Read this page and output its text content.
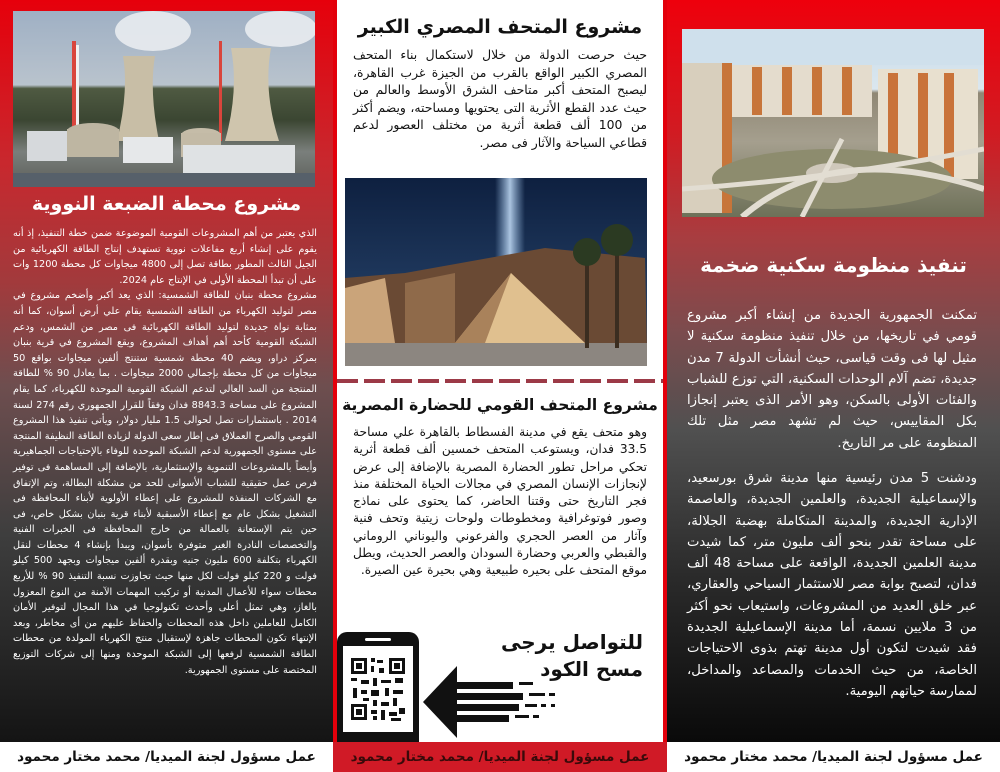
مشروع محطة الضبعة النووية
الذي يعتبر من أهم المشروعات القومية الموضوعة ضمن خطة التنفيذ، إذ أنه يقوم على إنشاء أربع مفاعلات نووية تستهدف إنتاج الطاقة الكهربائية من الجيل الثالث المطور بطاقة تصل إلى 4800 ميجاوات كل محطة 1200 وات على أن تبدأ المحطة الأولى في الإنتاج عام 2024.
مشروع محطة بنبان للطاقة الشمسية: الذي يعد أكبر وأضخم مشروع في مصر لتوليد الكهرباء من الطاقة الشمسية يقام علي أرض أسوان، كما أنه بمثابة نواة جديدة لتوليد الطاقة الكهربائية فى مصر من الشمس، ودعم الشبكة القومية كأحد أهم أهداف المشروع، ويقع المشروع في قرية بنبان بمركز دراو، ويضم 40 محطة شمسية ستنتج ألفين ميجاوات بواقع 50 ميجاوات من كل محطة بإجمالي 2000 ميجاوات . بما يعادل 90 % للطاقة المنتجة من السد العالي لتدعم الشبكة القومية الموحدة للكهرباء، كما يقام المشروع على مساحة 8843.3 فدان وفقاً للقرار الجمهوري رقم 274 لسنة 2014 . باستثمارات تصل لحوالى 1.5 مليار دولار، ويأتى تنفيذ هذا المشروع القومي والصرح العملاق فى إطار سعى الدولة لزيادة الطاقة النظيفة المنتجة على مستوى الجمهورية لدعم الشبكة الموحدة للوفاء بالإحتياجات الجماهيرية وأيضاً بالمشروعات التنموية والإستثمارية، بالإضافة إلى المساهمة فى توفير فرص عمل حقيقية للشباب الأسوانى للحد من مشكلة البطالة، وتم الإتفاق مع الشركات المنفذة للمشروع على إعطاء الأولوية لأبناء المحافظة فى التشغيل بشكل عام مع إعطاء الأسبقية لأبناء قرية بنبان بشكل خاص، فى حين يتم الإستعانة بالعمالة من خارج المحافظة فى الخبرات الفنية والتخصصات النادرة الغير متوفرة بأسوان، ويبدأ بإنشاء 4 محطات لنقل الكهرباء بتكلفة 600 مليون جنيه وبقدرة ألفين ميجاوات وبجهد 500 كيلو فولت و 220 كيلو فولت لكل منها حيث تجاوزت نسبة التنفيذ 90 % للأربع محطات سواء للأعمال المدنية أو تركيب المهمات الآمنة من النوع المعزول بالغاز، وهي تمثل أعلى وأحدث تكنولوجيا في هذا المجال لتوفير الأمان الكامل للعاملين داخل هذه المحطات والحفاظ عليهم من أى مخاطر، وبعد الإنتهاء تكون المحطات جاهزة لإستقبال منتج الكهرباء المولدة من محطات الطاقة الشمسية لرفعها إلى الشبكة الموحدة ومنها إلى شركات التوزيع المختصة على مستوى الجمهورية.
مشروع المتحف المصري الكبير
حيث حرصت الدولة من خلال لاستكمال بناء المتحف المصري الكبير الواقع بالقرب من الجيزة غرب القاهرة، ليصبح المتحف أكبر متاحف الشرق الأوسط والعالم من حيث عدد القطع الأثرية التى يحتويها ومساحته، ويضم أكثر من 100 ألف قطعة أثرية من مختلف العصور لدعم قطاعي السياحة والآثار فى مصر.
مشروع المتحف القومي للحضارة المصرية
وهو متحف يقع في مدينة الفسطاط بالقاهرة علي مساحة 33.5 فدان، ويستوعب المتحف خمسين ألف قطعة أثرية تحكي مراحل تطور الحضارة المصرية بالإضافة إلى عرض لإنجازات الإنسان المصري في مجالات الحياة المختلفة منذ فجر التاريخ حتى وقتنا الحاضر، كما يحتوى على نماذج وصور فوتوغرافية ومخطوطات ولوحات زيتية وتحف فنية وآثار من العصر الحجري والفرعوني واليوناني الروماني والقبطي والعربي وحضارة السودان والعصر الحديث، ويطل موقع المتحف على بحيره طبيعية وهي بحيرة عين الصيرة.
للتواصل يرجى
مسح الكود
تنفيذ منظومة سكنية ضخمة
تمكنت الجمهورية الجديدة من إنشاء أكبر مشروع قومي في تاريخها، من خلال تنفيذ منظومة سكنية لا مثيل لها فى وقت قياسى، حيث أنشأت الدولة 7 مدن جديدة، تضم آلام الوحدات السكنية، التي توزع للشباب والفئات الأولى بالسكن، وهو الأمر الذى يعتبر إنجازا بكل المقاييس، حيث لم تشهد مصر مثل تلك المنظومة على مر التاريخ.
ودشنت 5 مدن رئيسية منها مدينة شرق بورسعيد، والإسماعيلية الجديدة، والعلمين الجديدة، والعاصمة الإدارية الجديدة، والمدينة المتكاملة بهضبة الجلالة، على مساحة تقدر بنحو ألف مليون متر، كما شيدت مدينة العلمين الجديدة، الواقعة على مساحة 48 ألف فدان، لتصبح بوابة مصر للاستثمار السياحي والعقاري، عبر خلق العديد من المشروعات، واستيعاب نحو أكثر من 3 ملايين نسمة، أما مدينة الإسماعيلية الجديدة فقد شيدت لتكون أول مدينة تهتم بذوى الاحتياجات الخاصة، من حيث الخدمات والمصاعد والمداخل، لممارسة حياتهم اليومية.
عمل مسؤول لجنة الميديا/ محمد مختار محمود	عمل مسؤول لجنة الميديا/ محمد مختار محمود	عمل مسؤول لجنة الميديا/ محمد مختار محمود
